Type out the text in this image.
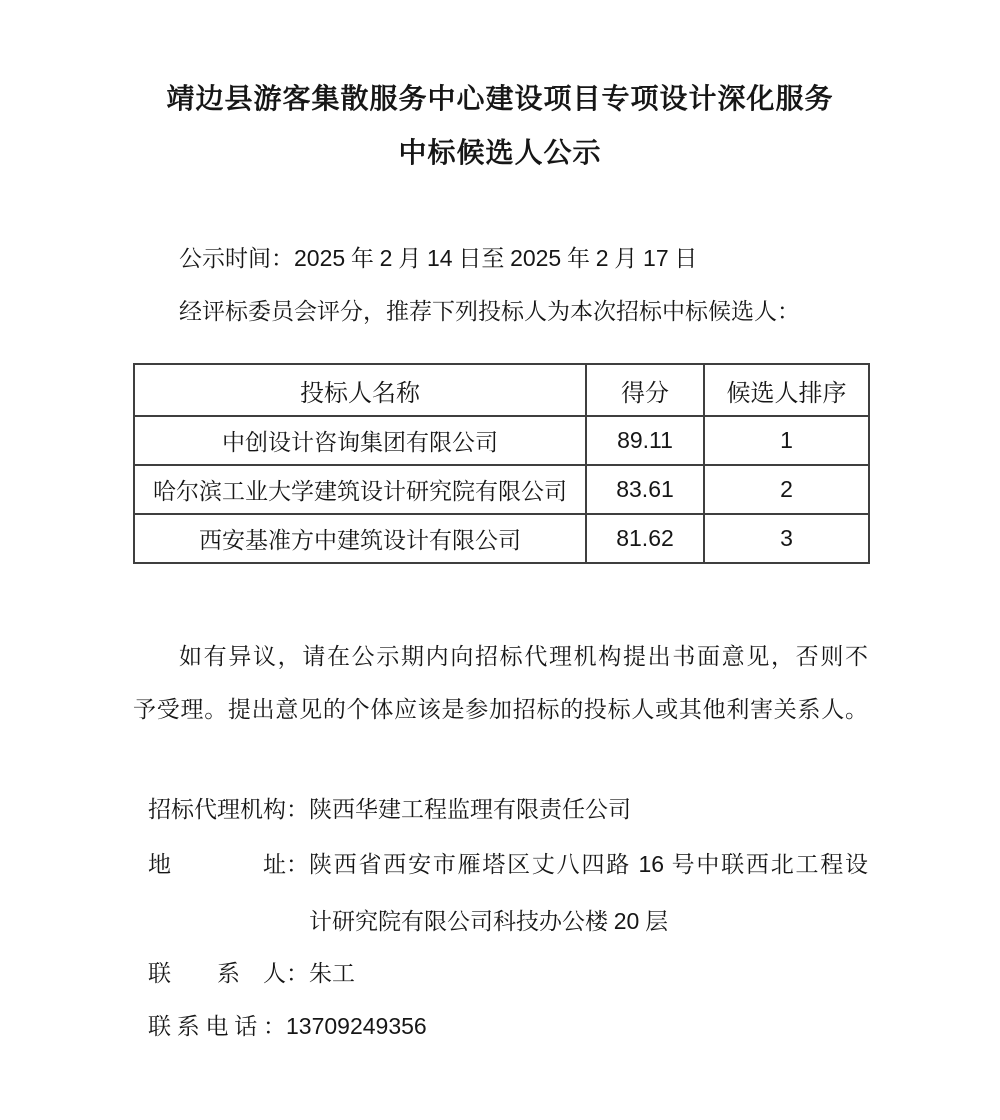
靖边县游客集散服务中心建设项目专项设计深化服务
中标候选人公示
公示时间：2025 年 2 月 14 日至 2025 年 2 月 17 日
经评标委员会评分，推荐下列投标人为本次招标中标候选人：
投标人名称	得分	候选人排序
中创设计咨询集团有限公司	89.11	1
哈尔滨工业大学建筑设计研究院有限公司	83.61	2
西安基准方中建筑设计有限公司	81.62	3
如有异议，请在公示期内向招标代理机构提出书面意见，否则不
予受理。提出意见的个体应该是参加招标的投标人或其他利害关系人。
招标代理机构： 陕西华建工程监理有限责任公司
地　　　　址： 陕西省西安市雁塔区丈八四路 16 号中联西北工程设
计研究院有限公司科技办公楼 20 层
联　　系　人： 朱工
联 系 电 话 ： 13709249356
